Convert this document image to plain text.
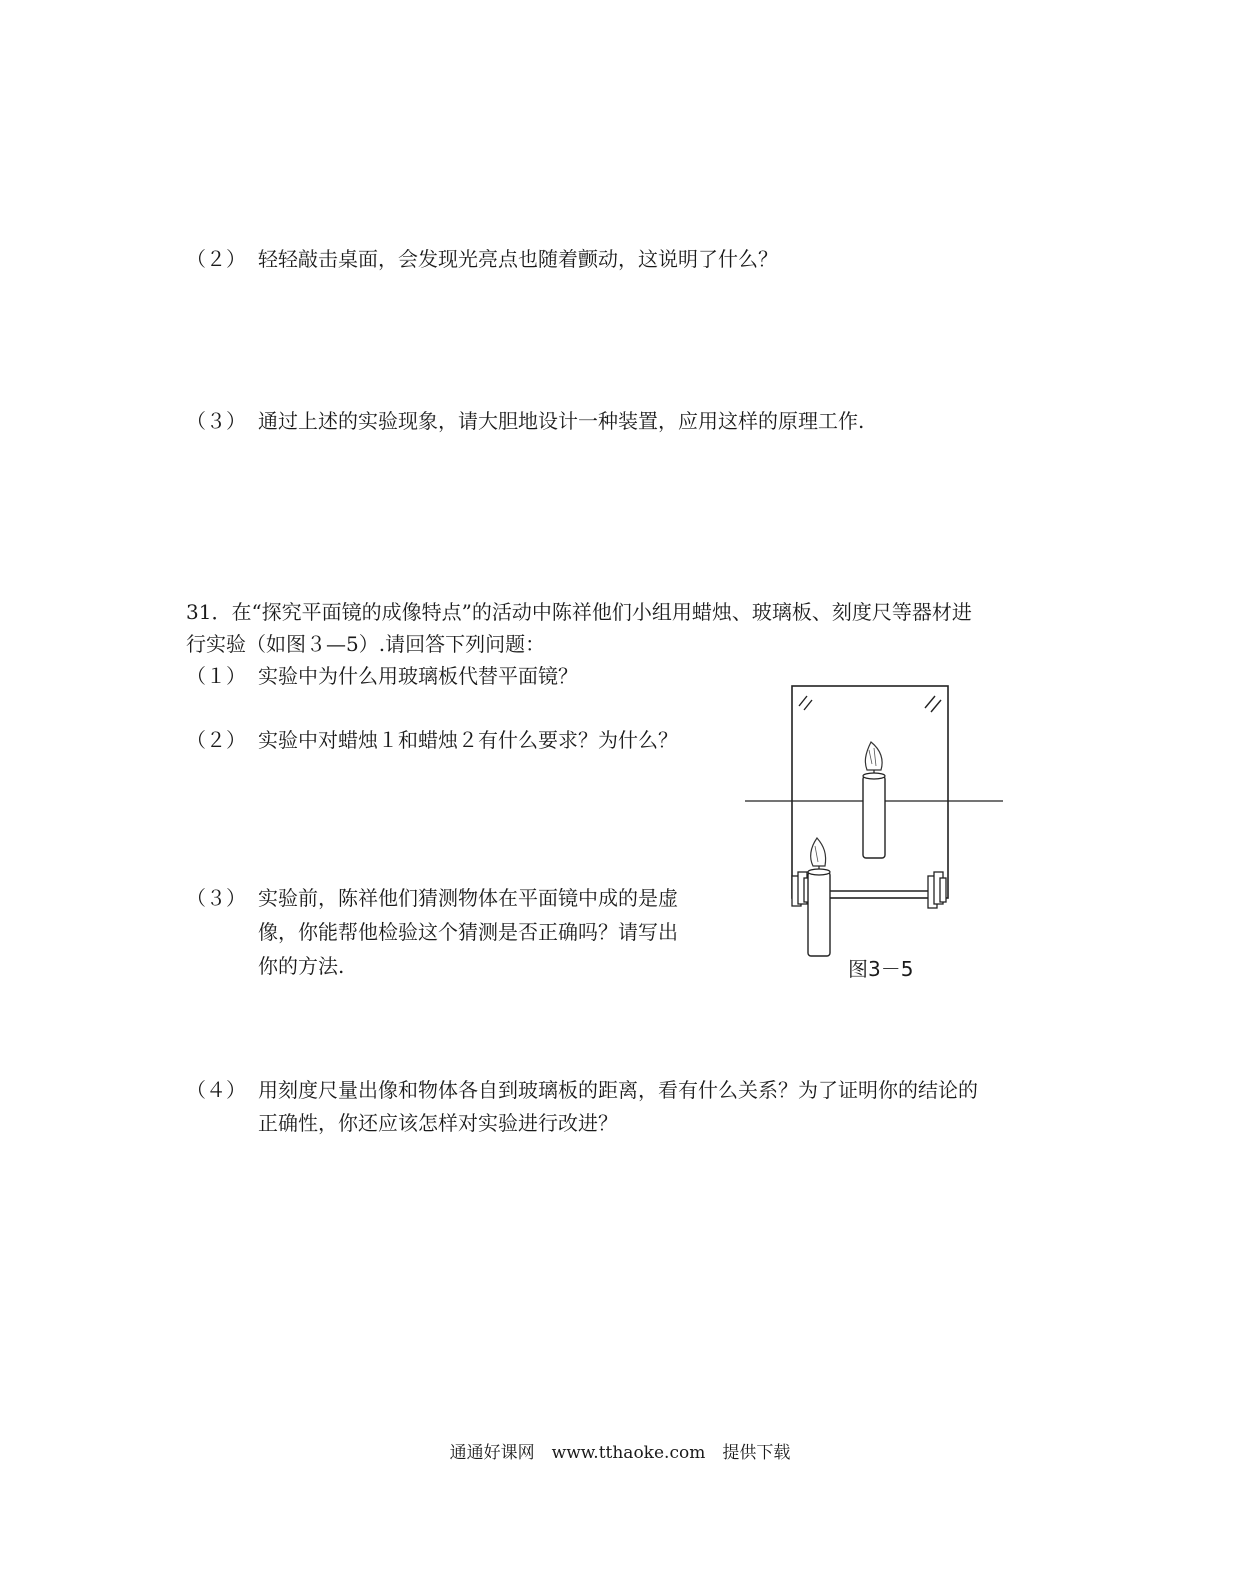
（２） 轻轻敲击桌面，会发现光亮点也随着颤动，这说明了什么？
（３） 通过上述的实验现象，请大胆地设计一种装置，应用这样的原理工作.
31．在“探究平面镜的成像特点”的活动中陈祥他们小组用蜡烛、玻璃板、刻度尺等器材进
行实验（如图３—5）.请回答下列问题：
（１） 实验中为什么用玻璃板代替平面镜？
（２） 实验中对蜡烛１和蜡烛２有什么要求？为什么？
（３） 实验前，陈祥他们猜测物体在平面镜中成的是虚
像，你能帮他检验这个猜测是否正确吗？请写出
你的方法.
（４） 用刻度尺量出像和物体各自到玻璃板的距离，看有什么关系？为了证明你的结论的
正确性，你还应该怎样对实验进行改进？
图3－5
通通好课网　www.tthaoke.com　提供下载
